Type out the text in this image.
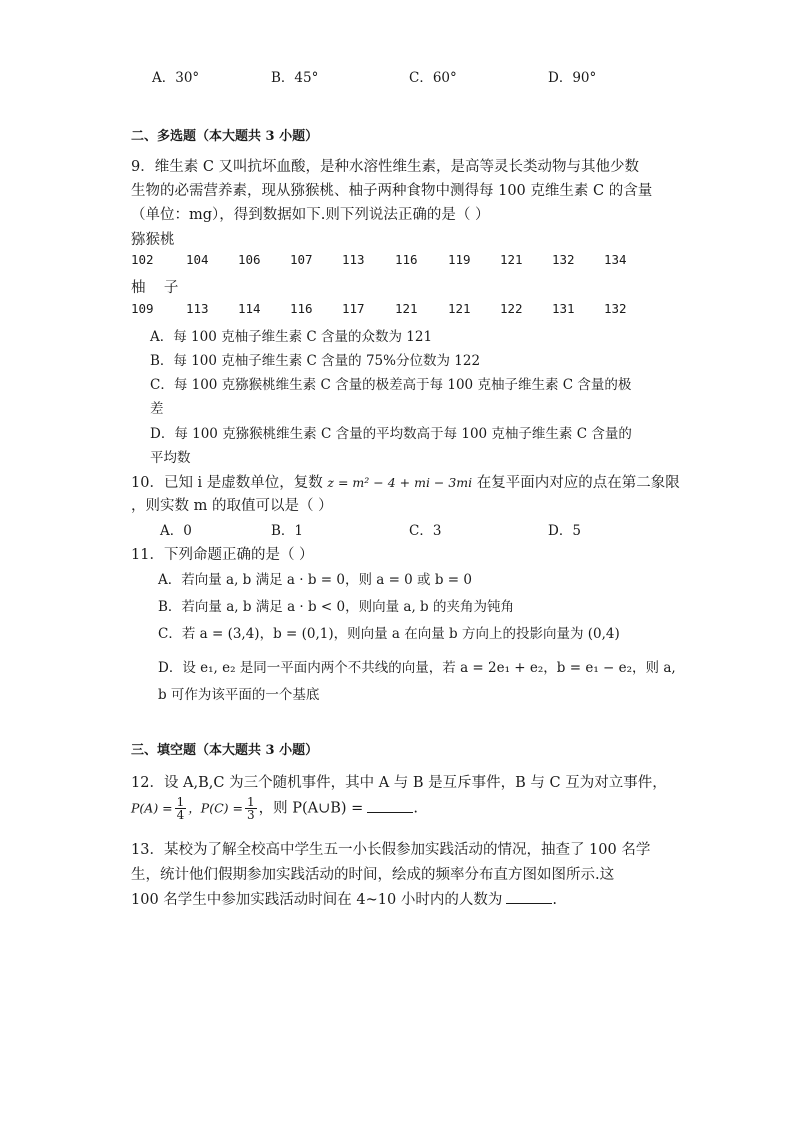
A．30°	B．45°	C．60°	D．90°
二、多选题（本大题共 3 小题）
9．维生素 C 又叫抗坏血酸，是种水溶性维生素，是高等灵长类动物与其他少数
生物的必需营养素，现从猕猴桃、柚子两种食物中测得每 100 克维生素 C 的含量
（单位：mg），得到数据如下.则下列说法正确的是（ ）
猕猴桃
102	104 106 107 113 116 119 121 132 134
柚    子
109	113 114 116 117 121 121 122 131 132
A．每 100 克柚子维生素 C 含量的众数为 121
B．每 100 克柚子维生素 C 含量的 75%分位数为 122
C．每 100 克猕猴桃维生素 C 含量的极差高于每 100 克柚子维生素 C 含量的极
差
D．每 100 克猕猴桃维生素 C 含量的平均数高于每 100 克柚子维生素 C 含量的
平均数
10．已知 i 是虚数单位，复数 z = m² − 4 + mi − 3mi 在复平面内对应的点在第二象限
，则实数 m 的取值可以是（ ）
A．0	B．1	C．3	D．5
11．下列命题正确的是（ ）
A．若向量 a, b 满足 a · b = 0，则 a = 0 或 b = 0
B．若向量 a, b 满足 a · b < 0，则向量 a, b 的夹角为钝角
C．若 a = (3,4)，b = (0,1)，则向量 a 在向量 b 方向上的投影向量为 (0,4)
D．设 e₁, e₂ 是同一平面内两个不共线的向量，若 a = 2e₁ + e₂，b = e₁ − e₂，则 a,
b 可作为该平面的一个基底
三、填空题（本大题共 3 小题）
12．设 A,B,C 为三个随机事件，其中 A 与 B 是互斥事件，B 与 C 互为对立事件，
$P(A) = \frac{1}{4}$ ，$P(C) = \frac{1}{3}$ ，则 P(A∪B) =	.
13．某校为了解全校高中学生五一小长假参加实践活动的情况，抽查了 100 名学
生，统计他们假期参加实践活动的时间，绘成的频率分布直方图如图所示.这
100 名学生中参加实践活动时间在 4~10 小时内的人数为	.
